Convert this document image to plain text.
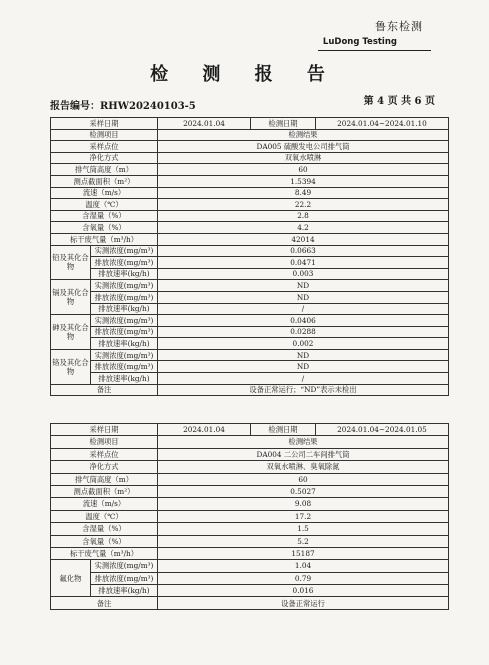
鲁东检测
LuDong Testing
检 测 报 告
报告编号：RHW20240103-5	第 4 页 共 6 页
采样日期		2024.01.04	检测日期	2024.01.04~2024.01.10
检测项目		检测结果		
采样点位		DA005 硫酸发电公司排气筒		
净化方式		双氧水喷淋		
排气筒高度（m）		60		
测点截面积（m²）		1.5394		
流速（m/s）		8.49		
温度（℃）		22.2		
含湿量（%）		2.8		
含氧量（%）		4.2		
标干废气量（m³/h）		42014		
铅及其化合物	实测浓度(mg/m³)	0.0663		
	排放浓度(mg/m³)	0.0471		
	排放速率(kg/h)	0.003		
镉及其化合物	实测浓度(mg/m³)	ND		
	排放浓度(mg/m³)	ND		
	排放速率(kg/h)	/		
砷及其化合物	实测浓度(mg/m³)	0.0406		
	排放浓度(mg/m³)	0.0288		
	排放速率(kg/h)	0.002		
铬及其化合物	实测浓度(mg/m³)	ND		
	排放浓度(mg/m³)	ND		
	排放速率(kg/h)	/		
备注		设备正常运行；“ND”表示未检出		
采样日期		2024.01.04	检测日期	2024.01.04~2024.01.05
检测项目		检测结果		
采样点位		DA004 二公司二车间排气筒		
净化方式		双氧水喷淋、臭氧除氮		
排气筒高度（m）		60		
测点截面积（m²）		0.5027		
流速（m/s）		9.08		
温度（℃）		17.2		
含湿量（%）		1.5		
含氧量（%）		5.2		
标干废气量（m³/h）		15187		
氟化物	实测浓度(mg/m³)	1.04		
	排放浓度(mg/m³)	0.79		
	排放速率(kg/h)	0.016		
备注		设备正常运行		
